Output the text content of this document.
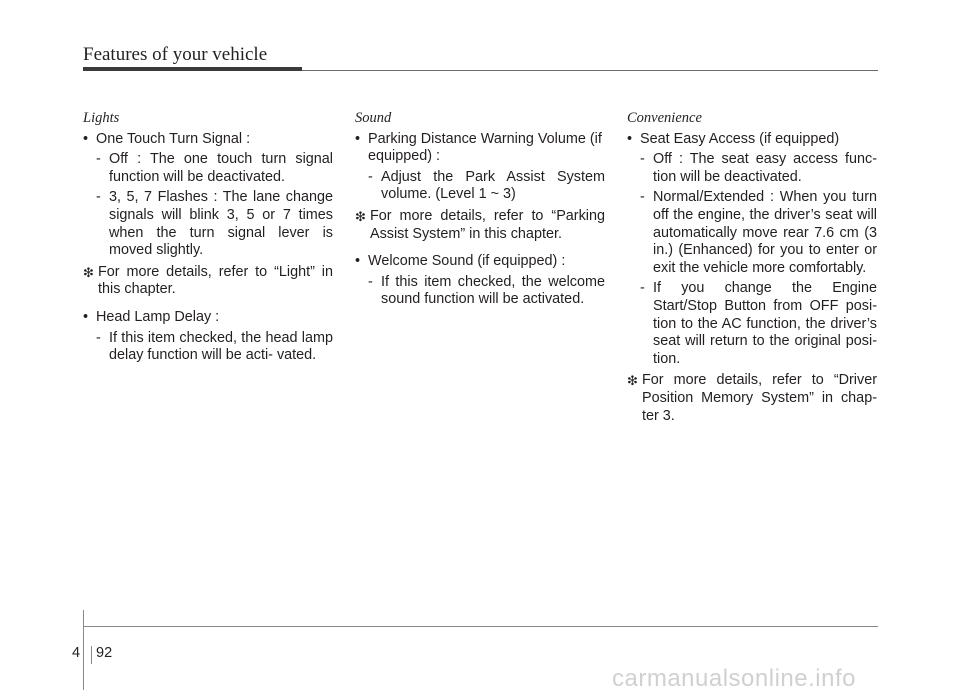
Features of your vehicle
Lights
• One Touch Turn Signal :
- Off : The one touch turn signal function will be deactivated.
- 3, 5, 7 Flashes : The lane change signals will blink 3, 5 or 7 times when the turn signal lever is moved slightly.
❇ For more details, refer to “Light” in this chapter.
• Head Lamp Delay :
- If this item checked, the head lamp delay function will be acti- vated.
Sound
• Parking Distance Warning Volume (if equipped) :
- Adjust the Park Assist System volume. (Level 1 ~ 3)
❇ For more details, refer to “Parking Assist System” in this chapter.
• Welcome Sound (if equipped) :
- If this item checked, the welcome sound function will be activated.
Convenience
• Seat Easy Access (if equipped)
- Off : The seat easy access func- tion will be deactivated.
- Normal/Extended : When you turn off the engine, the driver’s seat will automatically move rear 7.6 cm (3 in.) (Enhanced) for you to enter or exit the vehicle more comfortably.
- If you change the Engine Start/Stop Button from OFF posi- tion to the AC function, the driver’s seat will return to the original posi- tion.
❇ For more details, refer to “Driver Position Memory System” in chap- ter 3.
4 92
carmanualsonline.info
